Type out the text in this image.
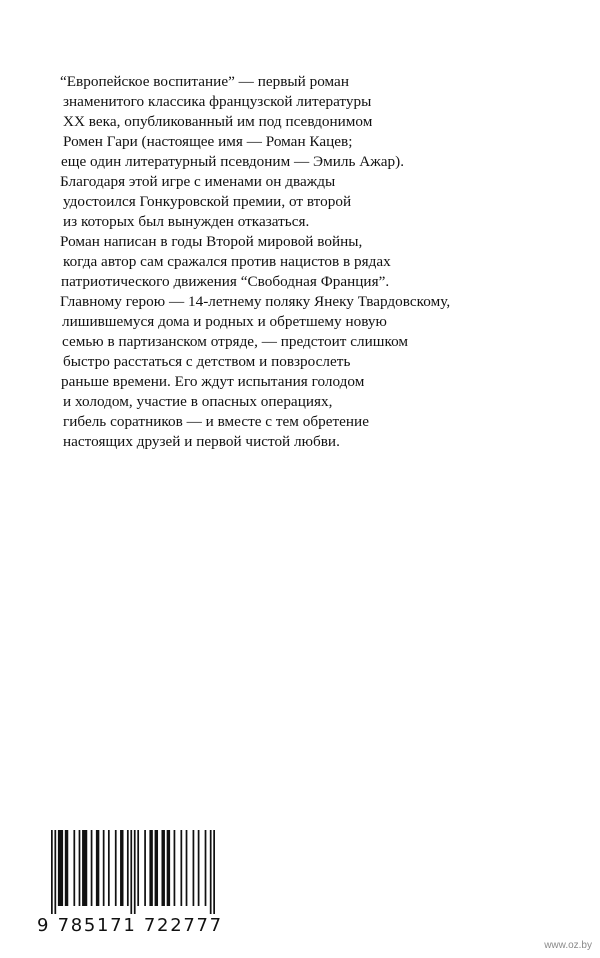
“Европейское воспитание” — первый роман
знаменитого классика французской литературы
XX века, опубликованный им под псевдонимом
Ромен Гари (настоящее имя — Роман Кацев;
еще один литературный псевдоним — Эмиль Ажар).
Благодаря этой игре с именами он дважды
удостоился Гонкуровской премии, от второй
из которых был вынужден отказаться.
Роман написан в годы Второй мировой войны,
когда автор сам сражался против нацистов в рядах
патриотического движения “Свободная Франция”.
Главному герою — 14-летнему поляку Янеку Твардовскому,
лишившемуся дома и родных и обретшему новую
семью в партизанском отряде, — предстоит слишком
быстро расстаться с детством и повзрослеть
раньше времени. Его ждут испытания голодом
и холодом, участие в опасных операциях,
гибель соратников — и вместе с тем обретение
настоящих друзей и первой чистой любви.
9 785171 722777
www.oz.by
